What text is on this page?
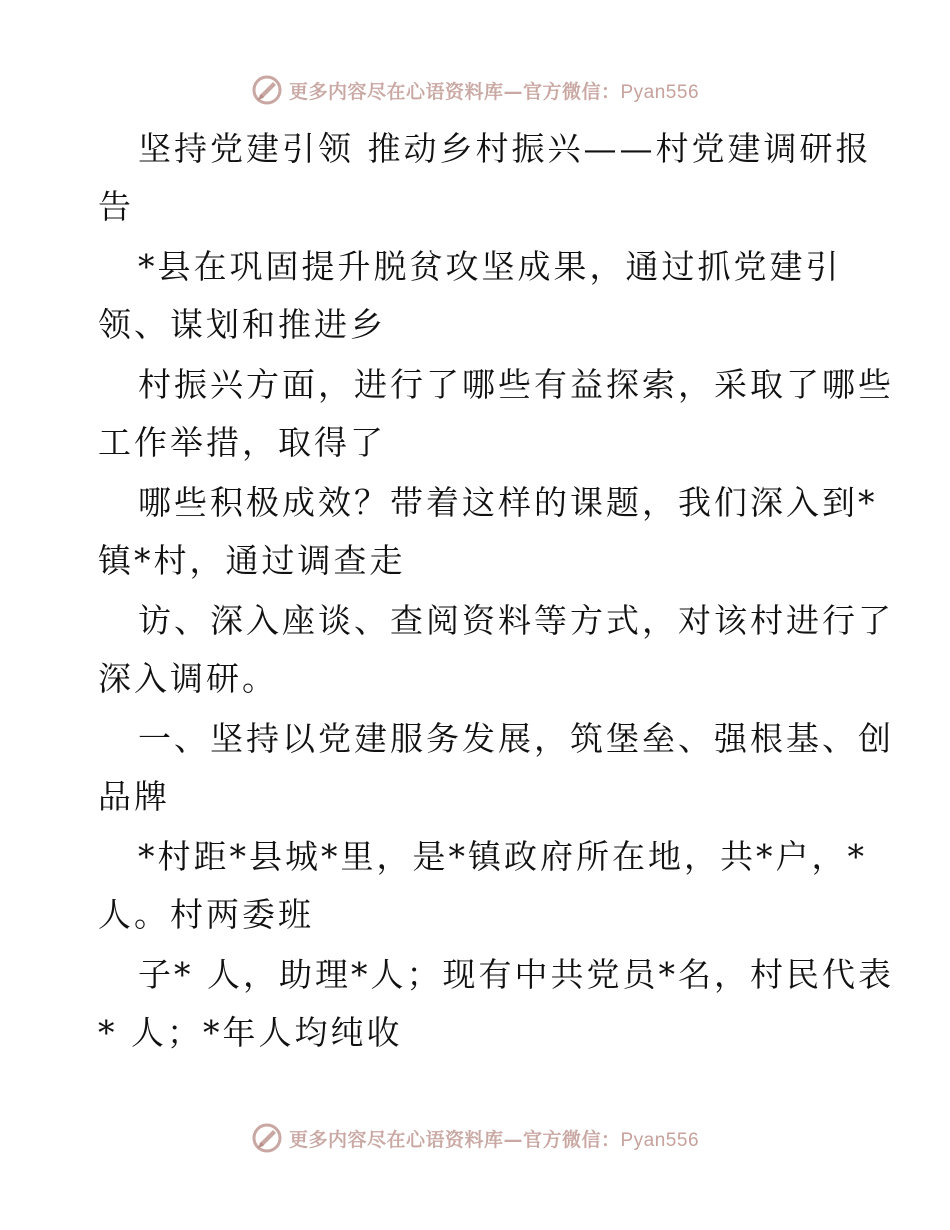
更多内容尽在心语资料库—官方微信：Pyan556

坚持党建引领 推动乡村振兴——村党建调研报
告

*县在巩固提升脱贫攻坚成果，通过抓党建引
领、谋划和推进乡

村振兴方面，进行了哪些有益探索，采取了哪些
工作举措，取得了

哪些积极成效？带着这样的课题，我们深入到*
镇*村，通过调查走

访、深入座谈、查阅资料等方式，对该村进行了
深入调研。

一、坚持以党建服务发展，筑堡垒、强根基、创
品牌

*村距*县城*里，是*镇政府所在地，共*户，*
人。村两委班

子* 人，助理*人；现有中共党员*名，村民代表
* 人；*年人均纯收

更多内容尽在心语资料库—官方微信：Pyan556
